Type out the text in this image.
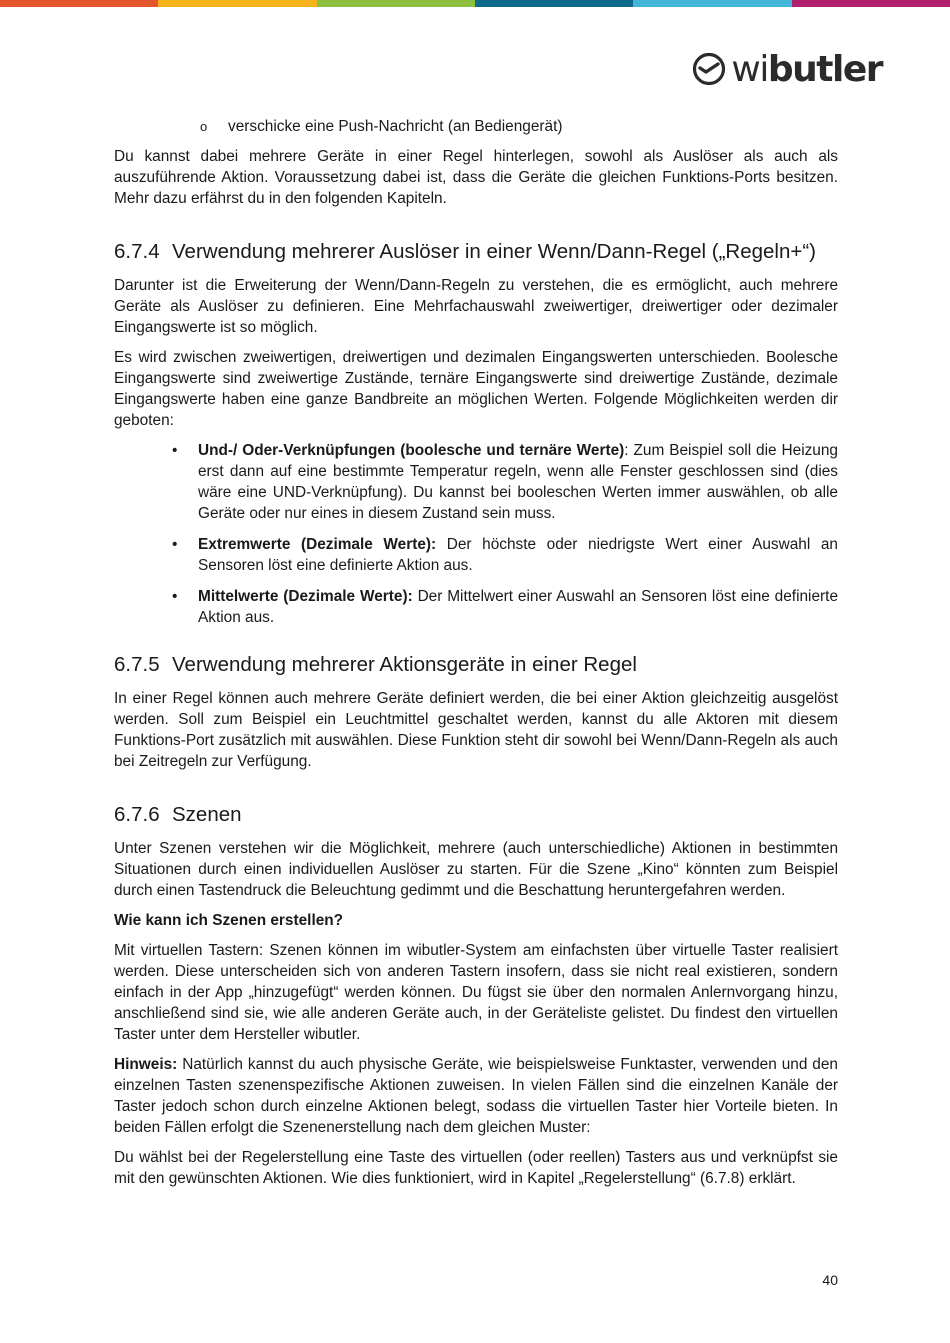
wibutler
o	verschicke eine Push-Nachricht (an Bediengerät)

Du kannst dabei mehrere Geräte in einer Regel hinterlegen, sowohl als Auslöser als auch als auszuführende Aktion. Voraussetzung dabei ist, dass die Geräte die gleichen Funktions-Ports besitzen. Mehr dazu erfährst du in den folgenden Kapiteln.

6.7.4 Verwendung mehrerer Auslöser in einer Wenn/Dann-Regel („Regeln+“)

Darunter ist die Erweiterung der Wenn/Dann-Regeln zu verstehen, die es ermöglicht, auch mehrere Geräte als Auslöser zu definieren. Eine Mehrfachauswahl zweiwertiger, dreiwertiger oder dezimaler Eingangswerte ist so möglich.

Es wird zwischen zweiwertigen, dreiwertigen und dezimalen Eingangswerten unterschieden. Boolesche Eingangswerte sind zweiwertige Zustände, ternäre Eingangswerte sind dreiwertige Zustände, dezimale Eingangswerte haben eine ganze Bandbreite an möglichen Werten. Folgende Möglichkeiten werden dir geboten:

• Und-/ Oder-Verknüpfungen (boolesche und ternäre Werte): Zum Beispiel soll die Heizung erst dann auf eine bestimmte Temperatur regeln, wenn alle Fenster geschlossen sind (dies wäre eine UND-Verknüpfung). Du kannst bei booleschen Werten immer auswählen, ob alle Geräte oder nur eines in diesem Zustand sein muss.
• Extremwerte (Dezimale Werte): Der höchste oder niedrigste Wert einer Auswahl an Sensoren löst eine definierte Aktion aus.
• Mittelwerte (Dezimale Werte): Der Mittelwert einer Auswahl an Sensoren löst eine definierte Aktion aus.
6.7.5 Verwendung mehrerer Aktionsgeräte in einer Regel

In einer Regel können auch mehrere Geräte definiert werden, die bei einer Aktion gleichzeitig ausgelöst werden. Soll zum Beispiel ein Leuchtmittel geschaltet werden, kannst du alle Aktoren mit diesem Funktions-Port zusätzlich mit auswählen. Diese Funktion steht dir sowohl bei Wenn/Dann-Regeln als auch bei Zeitregeln zur Verfügung.

6.7.6 Szenen

Unter Szenen verstehen wir die Möglichkeit, mehrere (auch unterschiedliche) Aktionen in bestimmten Situationen durch einen individuellen Auslöser zu starten. Für die Szene „Kino“ könnten zum Beispiel durch einen Tastendruck die Beleuchtung gedimmt und die Beschattung heruntergefahren werden.

Wie kann ich Szenen erstellen?

Mit virtuellen Tastern: Szenen können im wibutler-System am einfachsten über virtuelle Taster realisiert werden. Diese unterscheiden sich von anderen Tastern insofern, dass sie nicht real existieren, sondern einfach in der App „hinzugefügt“ werden können. Du fügst sie über den normalen Anlernvorgang hinzu, anschließend sind sie, wie alle anderen Geräte auch, in der Geräteliste gelistet. Du findest den virtuellen Taster unter dem Hersteller wibutler.

Hinweis: Natürlich kannst du auch physische Geräte, wie beispielsweise Funktaster, verwenden und den einzelnen Tasten szenenspezifische Aktionen zuweisen. In vielen Fällen sind die einzelnen Kanäle der Taster jedoch schon durch einzelne Aktionen belegt, sodass die virtuellen Taster hier Vorteile bieten. In beiden Fällen erfolgt die Szenenerstellung nach dem gleichen Muster:

Du wählst bei der Regelerstellung eine Taste des virtuellen (oder reellen) Tasters aus und verknüpfst sie mit den gewünschten Aktionen. Wie dies funktioniert, wird in Kapitel „Regelerstellung“ (6.7.8) erklärt.

40
